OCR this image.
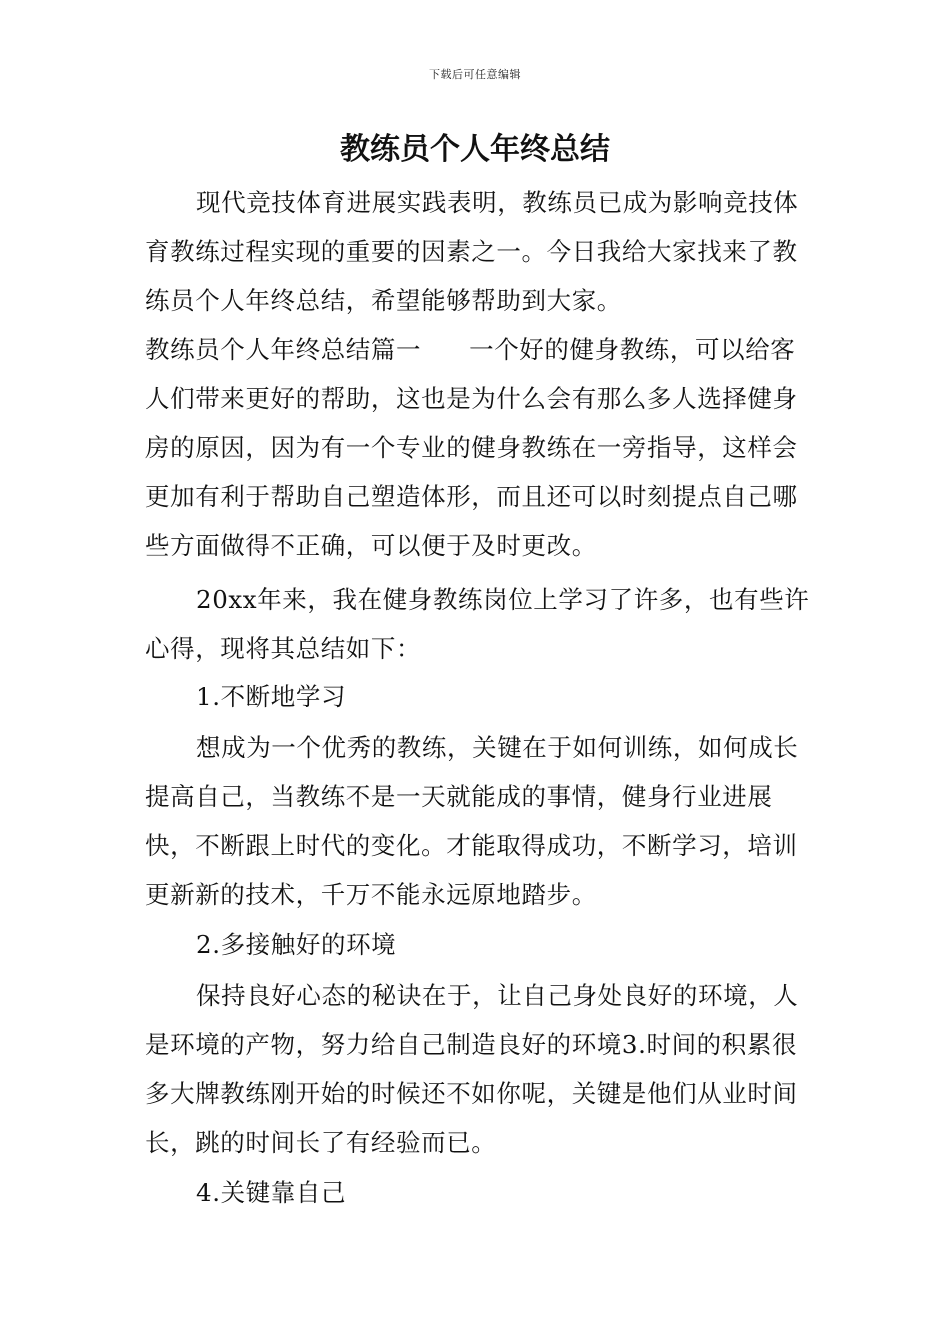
下载后可任意编辑
教练员个人年终总结

现代竞技体育进展实践表明，教练员已成为影响竞技体育教练过程实现的重要的因素之一。今日我给大家找来了教练员个人年终总结，希望能够帮助到大家。

教练员个人年终总结篇一 一个好的健身教练，可以给客人们带来更好的帮助，这也是为什么会有那么多人选择健身房的原因，因为有一个专业的健身教练在一旁指导，这样会更加有利于帮助自己塑造体形，而且还可以时刻提点自己哪些方面做得不正确，可以便于及时更改。

20xx年来，我在健身教练岗位上学习了许多，也有些许心得，现将其总结如下：

1.不断地学习

想成为一个优秀的教练，关键在于如何训练，如何成长提高自己，当教练不是一天就能成的事情，健身行业进展快，不断跟上时代的变化。才能取得成功，不断学习，培训更新新的技术，千万不能永远原地踏步。

2.多接触好的环境

保持良好心态的秘诀在于，让自己身处良好的环境，人是环境的产物，努力给自己制造良好的环境3.时间的积累很多大牌教练刚开始的时候还不如你呢，关键是他们从业时间长，跳的时间长了有经验而已。

4.关键靠自己
